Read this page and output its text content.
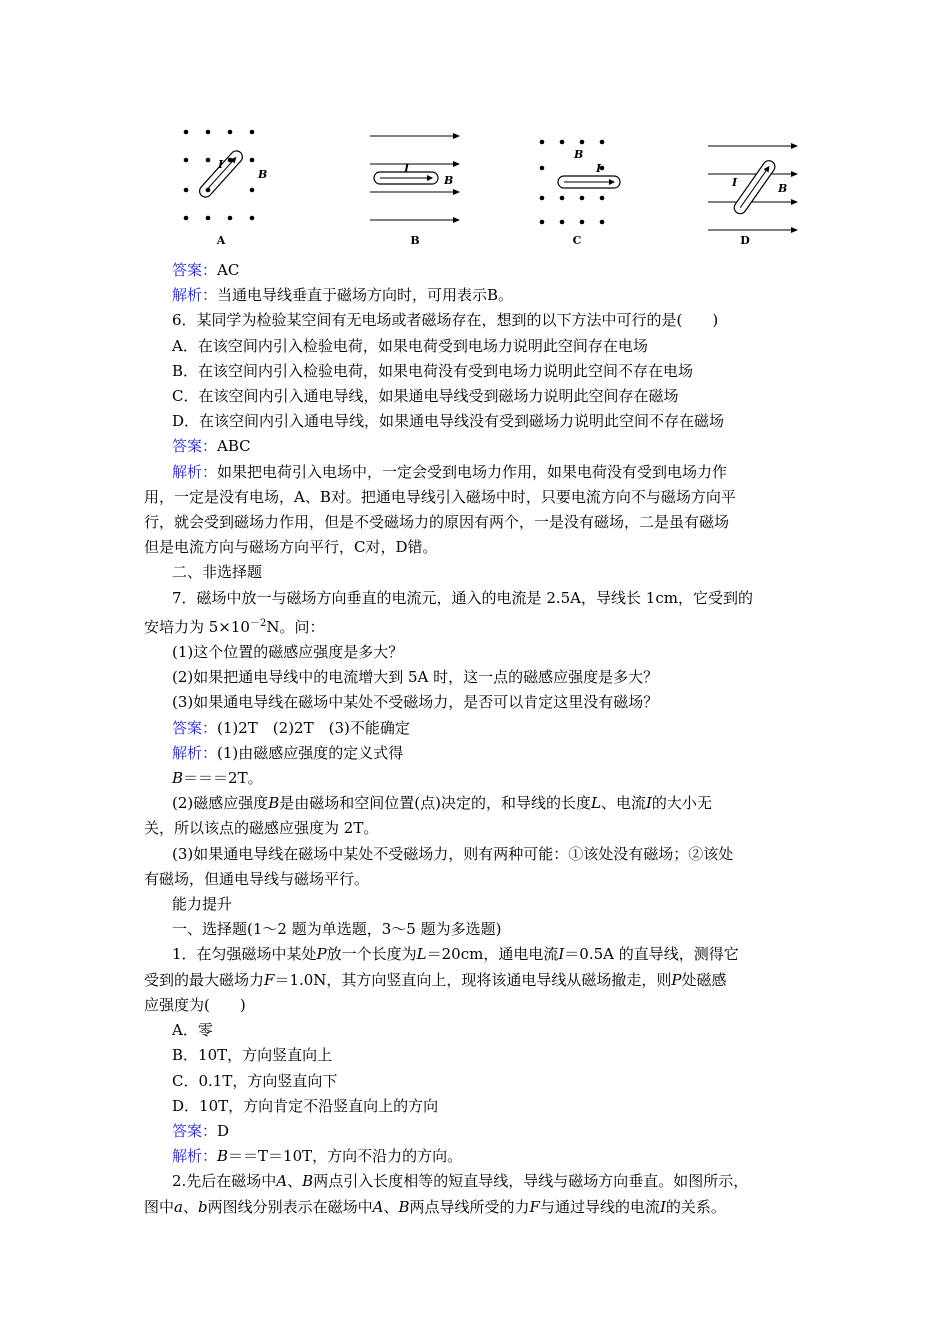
I
B
A
I
B
B
B
I
C
I	B
D

答案：AC

解析：当通电导线垂直于磁场方向时，可用表示B。

6．某同学为检验某空间有无电场或者磁场存在，想到的以下方法中可行的是(　　)

A．在该空间内引入检验电荷，如果电荷受到电场力说明此空间存在电场

B．在该空间内引入检验电荷，如果电荷没有受到电场力说明此空间不存在电场

C．在该空间内引入通电导线，如果通电导线受到磁场力说明此空间存在磁场

D．在该空间内引入通电导线，如果通电导线没有受到磁场力说明此空间不存在磁场

答案：ABC

解析：如果把电荷引入电场中，一定会受到电场力作用，如果电荷没有受到电场力作

用，一定是没有电场，A、B对。把通电导线引入磁场中时，只要电流方向不与磁场方向平

行，就会受到磁场力作用，但是不受磁场力的原因有两个，一是没有磁场，二是虽有磁场

但是电流方向与磁场方向平行，C对，D错。

二、非选择题

7．磁场中放一与磁场方向垂直的电流元，通入的电流是 2.5A，导线长 1cm，它受到的

安培力为 $5\times 10^{-2}N$。问：

(1)这个位置的磁感应强度是多大？

(2)如果把通电导线中的电流增大到 5A 时，这一点的磁感应强度是多大？

(3)如果通电导线在磁场中某处不受磁场力，是否可以肯定这里没有磁场？

答案：(1)2T　(2)2T　(3)不能确定

解析：(1)由磁感应强度的定义式得

B＝＝＝2T。

(2)磁感应强度B是由磁场和空间位置(点)决定的，和导线的长度L、电流I的大小无

关，所以该点的磁感应强度为 2T。

(3)如果通电导线在磁场中某处不受磁场力，则有两种可能：①该处没有磁场；②该处

有磁场，但通电导线与磁场平行。

能力提升

一、选择题(1～2 题为单选题，3～5 题为多选题)

1．在匀强磁场中某处P放一个长度为L＝20cm，通电电流I＝0.5A 的直导线，测得它

受到的最大磁场力F＝1.0N，其方向竖直向上，现将该通电导线从磁场撤走，则P处磁感

应强度为(　　)

A．零

B．10T，方向竖直向上

C．0.1T，方向竖直向下

D．10T，方向肯定不沿竖直向上的方向

答案：D

解析：B＝＝T＝10T，方向不沿力的方向。

2.先后在磁场中A、B两点引入长度相等的短直导线，导线与磁场方向垂直。如图所示，

图中a、b两图线分别表示在磁场中A、B两点导线所受的力F与通过导线的电流I的关系。
